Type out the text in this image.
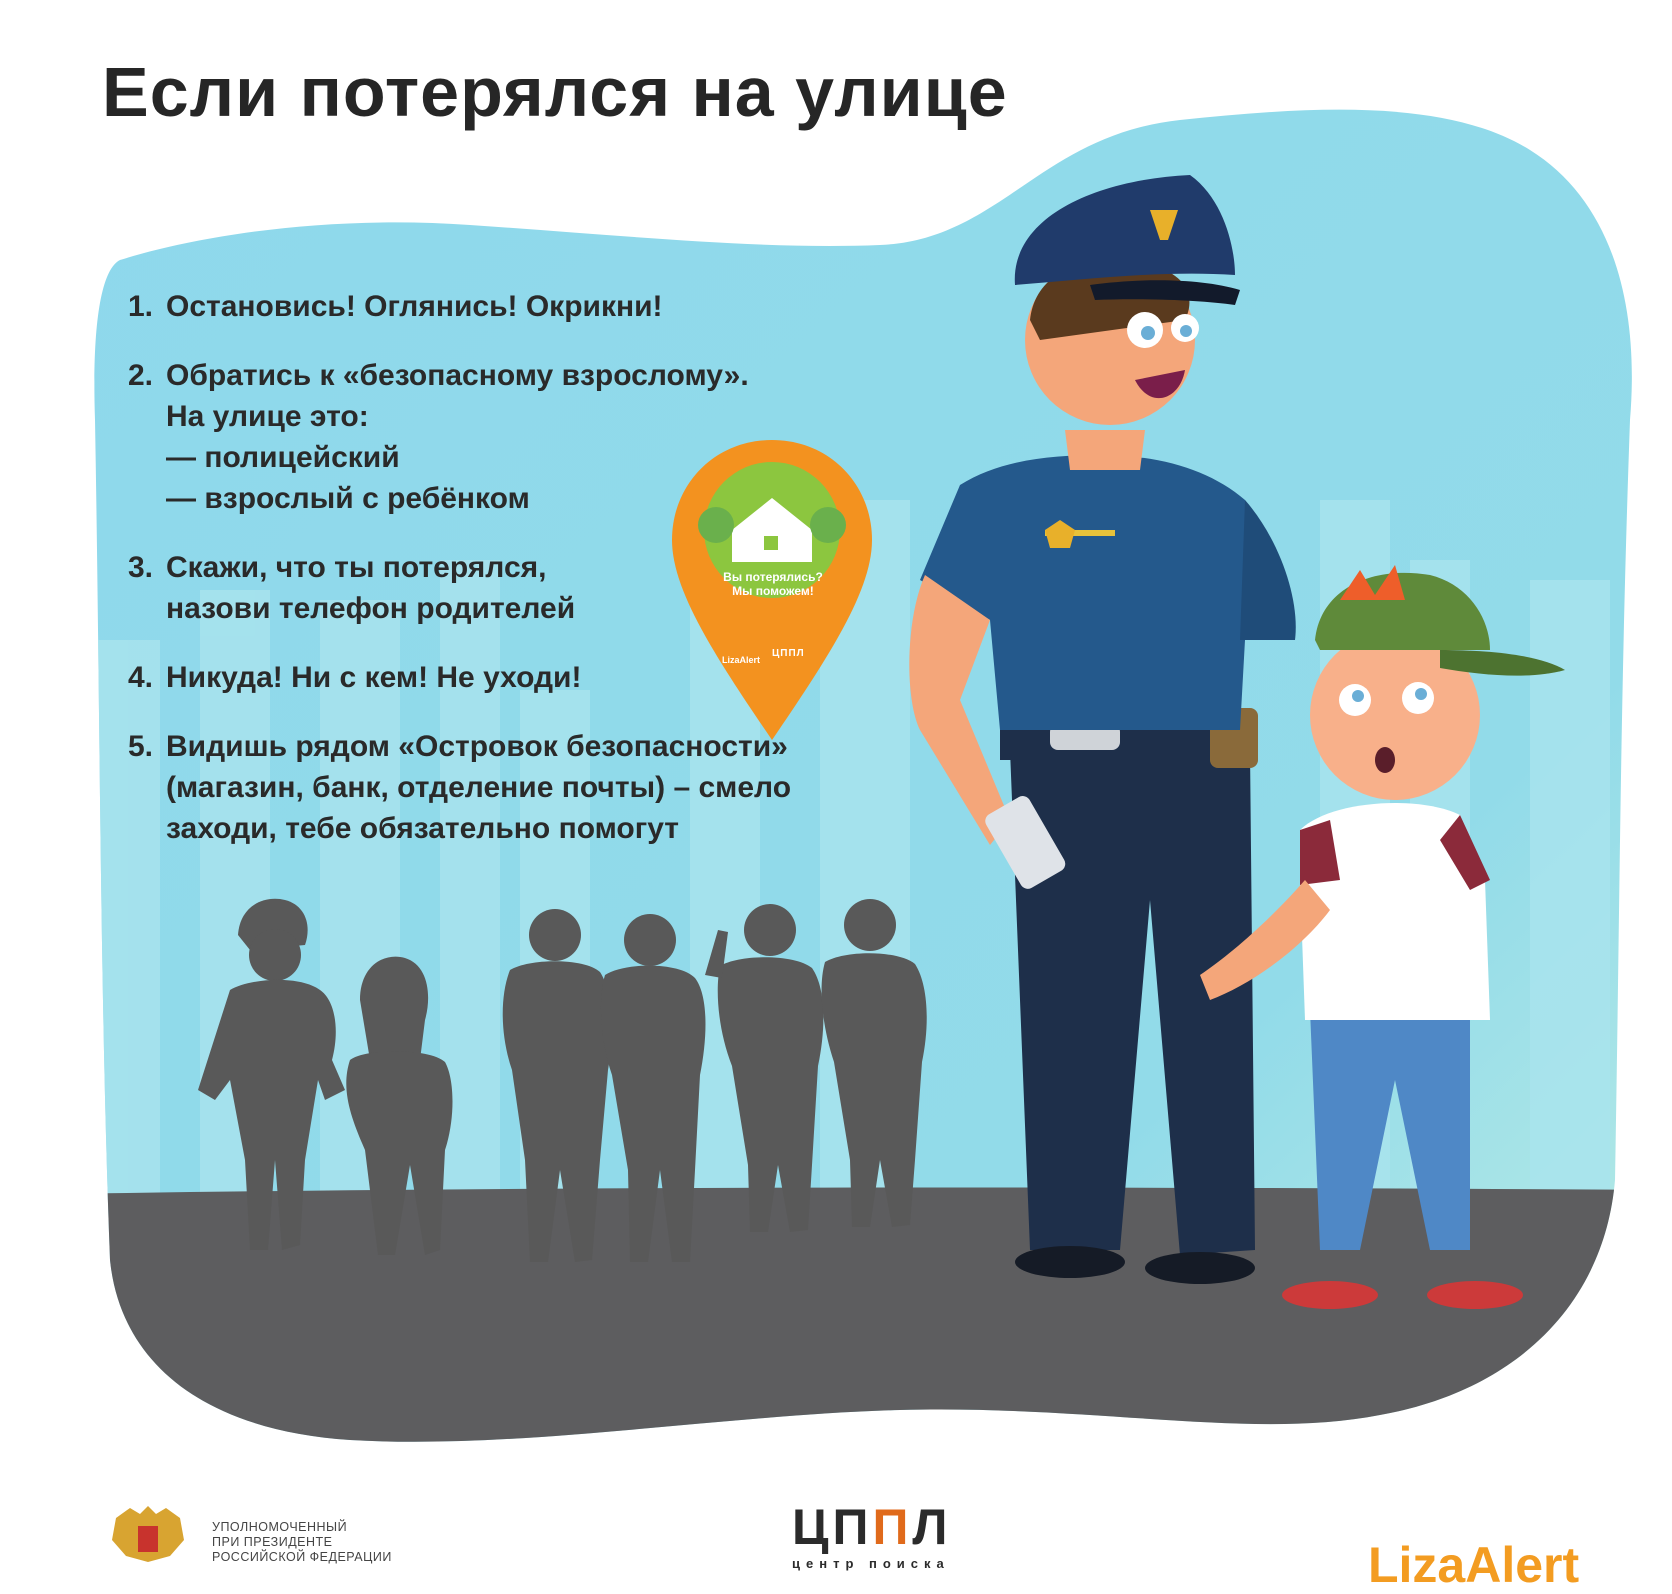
Если потерялся на улице
1. Остановись! Оглянись! Окрикни!
2. Обратись к «безопасному взрослому».
На улице это:
— полицейский
— взрослый с ребёнком
3. Скажи, что ты потерялся,
назови телефон родителей
4. Никуда! Ни с кем! Не уходи!
5. Видишь рядом «Островок безопасности»
(магазин, банк, отделение почты) – смело
заходи, тебе обязательно помогут
Вы потерялись?
Мы поможем!
LizaAlert
ЦППЛ
УПОЛНОМОЧЕННЫЙ
ПРИ ПРЕЗИДЕНТЕ
РОССИЙСКОЙ ФЕДЕРАЦИИ
ЦППЛ
центр поиска	LizaAlert
